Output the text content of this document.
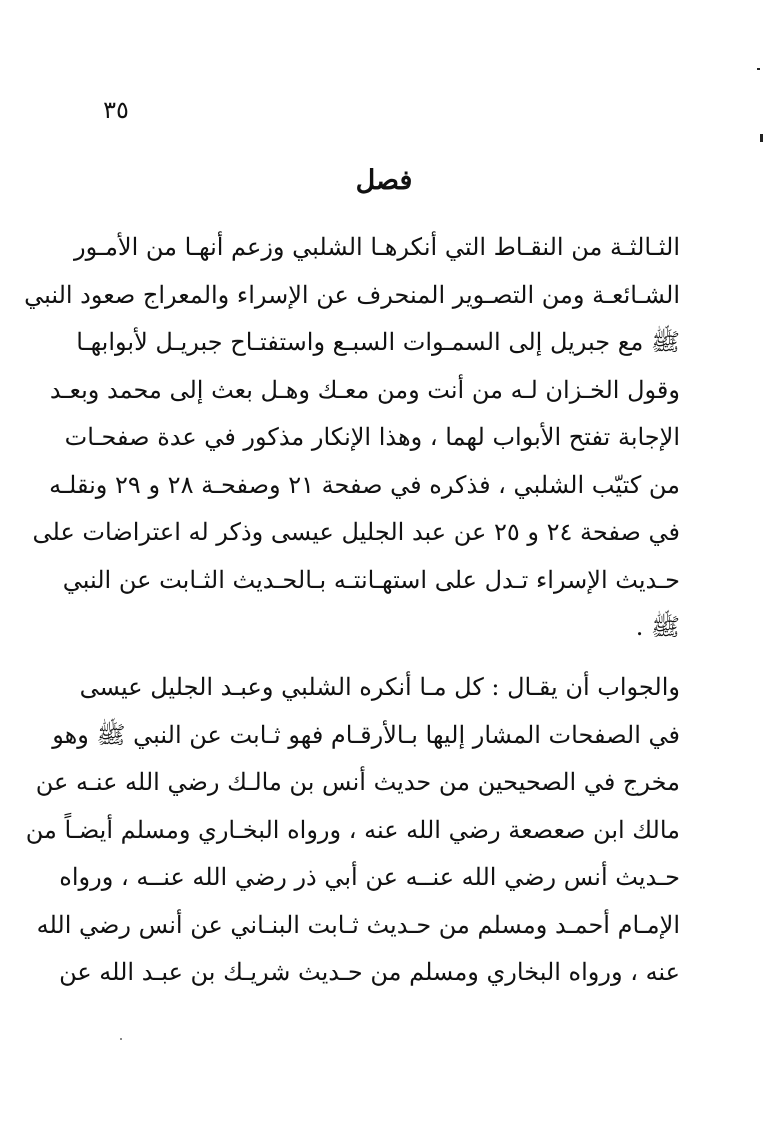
٣٥
فصل
الثـالثـة من النقـاط التي أنكرهـا الشلبي وزعم أنهـا من الأمـور
الشـائعـة ومن التصـوير المنحرف عن الإسراء والمعراج صعود النبي
ﷺ مع جبريل إلى السمـوات السبـع واستفتـاح جبريـل لأبوابهـا
وقول الخـزان لـه من أنت ومن معـك وهـل بعث إلى محمد وبعـد
الإجابة تفتح الأبواب لهما ، وهذا الإنكار مذكور في عدة صفحـات
من كتيّب الشلبي ، فذكره في صفحة ٢١ وصفحـة ٢٨ و ٢٩ ونقلـه
في صفحة ٢٤ و ٢٥ عن عبد الجليل عيسى وذكر له اعتراضات على
حـديث الإسراء تـدل على استهـانتـه بـالحـديث الثـابت عن النبي
ﷺ .
والجواب أن يقـال : كل مـا أنكره الشلبي وعبـد الجليل عيسى
في الصفحات المشار إليها بـالأرقـام فهو ثـابت عن النبي ﷺ وهو
مخرج في الصحيحين من حديث أنس بن مالـك رضي الله عنـه عن
مالك ابن صعصعة رضي الله عنه ، ورواه البخـاري ومسلم أيضـاً من
حـديث أنس رضي الله عنــه عن أبي ذر رضي الله عنــه ، ورواه
الإمـام أحمـد ومسلم من حـديث ثـابت البنـاني عن أنس رضي الله
عنه ، ورواه البخاري ومسلم من حـديث شريـك بن عبـد الله عن
